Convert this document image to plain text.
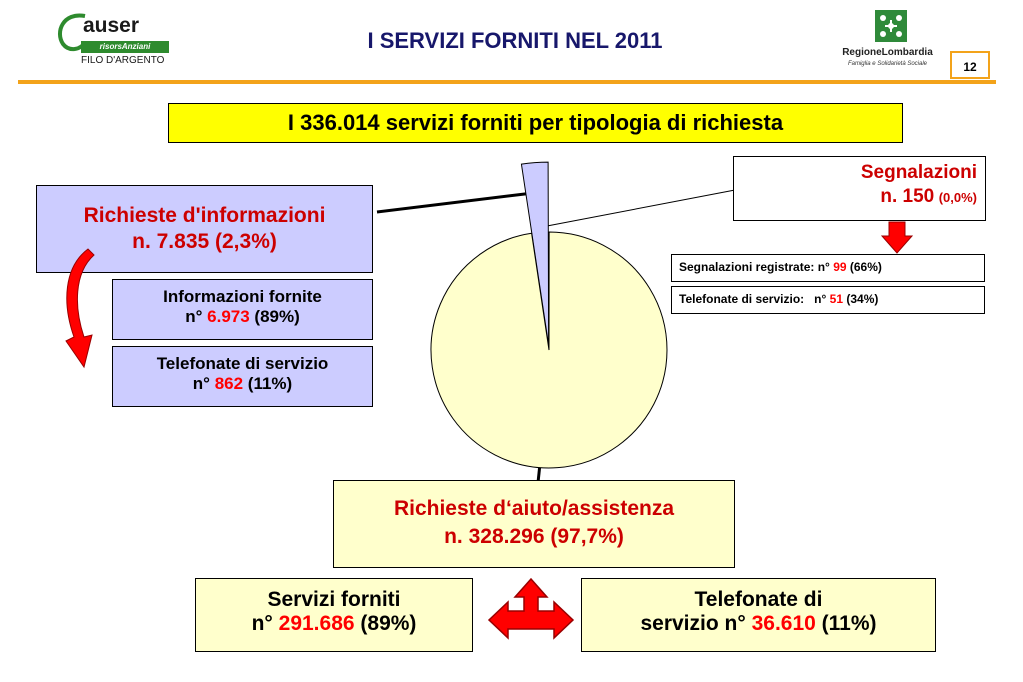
auser
risorsAnziani
FILO D'ARGENTO
I SERVIZI FORNITI NEL 2011	RegioneLombardia
Famiglia e Solidarietà Sociale	12
I 336.014 servizi forniti per tipologia di richiesta
Richieste d'informazioni
n. 7.835 (2,3%)
Informazioni fornite
n° 6.973 (89%)
Telefonate di servizio
n° 862 (11%)
Segnalazioni
n. 150 (0,0%)
Segnalazioni registrate: n° 99 (66%)
Telefonate di servizio: n° 51 (34%)
Richieste d‘aiuto/assistenza
n. 328.296 (97,7%)
Servizi forniti
n° 291.686 (89%)
Telefonate di
servizio n° 36.610 (11%)
